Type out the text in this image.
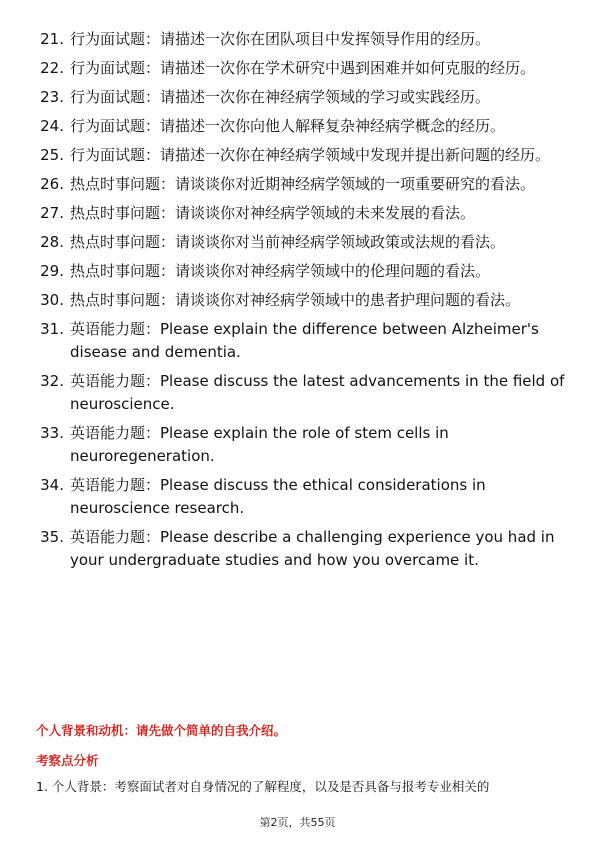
21. 行为面试题：请描述一次你在团队项目中发挥领导作用的经历。
22. 行为面试题：请描述一次你在学术研究中遇到困难并如何克服的经历。
23. 行为面试题：请描述一次你在神经病学领域的学习或实践经历。
24. 行为面试题：请描述一次你向他人解释复杂神经病学概念的经历。
25. 行为面试题：请描述一次你在神经病学领域中发现并提出新问题的经历。
26. 热点时事问题：请谈谈你对近期神经病学领域的一项重要研究的看法。
27. 热点时事问题：请谈谈你对神经病学领域的未来发展的看法。
28. 热点时事问题：请谈谈你对当前神经病学领域政策或法规的看法。
29. 热点时事问题：请谈谈你对神经病学领域中的伦理问题的看法。
30. 热点时事问题：请谈谈你对神经病学领域中的患者护理问题的看法。
31. 英语能力题：Please explain the difference between Alzheimer's disease and dementia.
32. 英语能力题：Please discuss the latest advancements in the field of neuroscience.
33. 英语能力题：Please explain the role of stem cells in neuroregeneration.
34. 英语能力题：Please discuss the ethical considerations in neuroscience research.
35. 英语能力题：Please describe a challenging experience you had in your undergraduate studies and how you overcame it.
个人背景和动机：请先做个简单的自我介绍。
考察点分析
1. 个人背景：考察面试者对自身情况的了解程度，以及是否具备与报考专业相关的
第2页，共55页
